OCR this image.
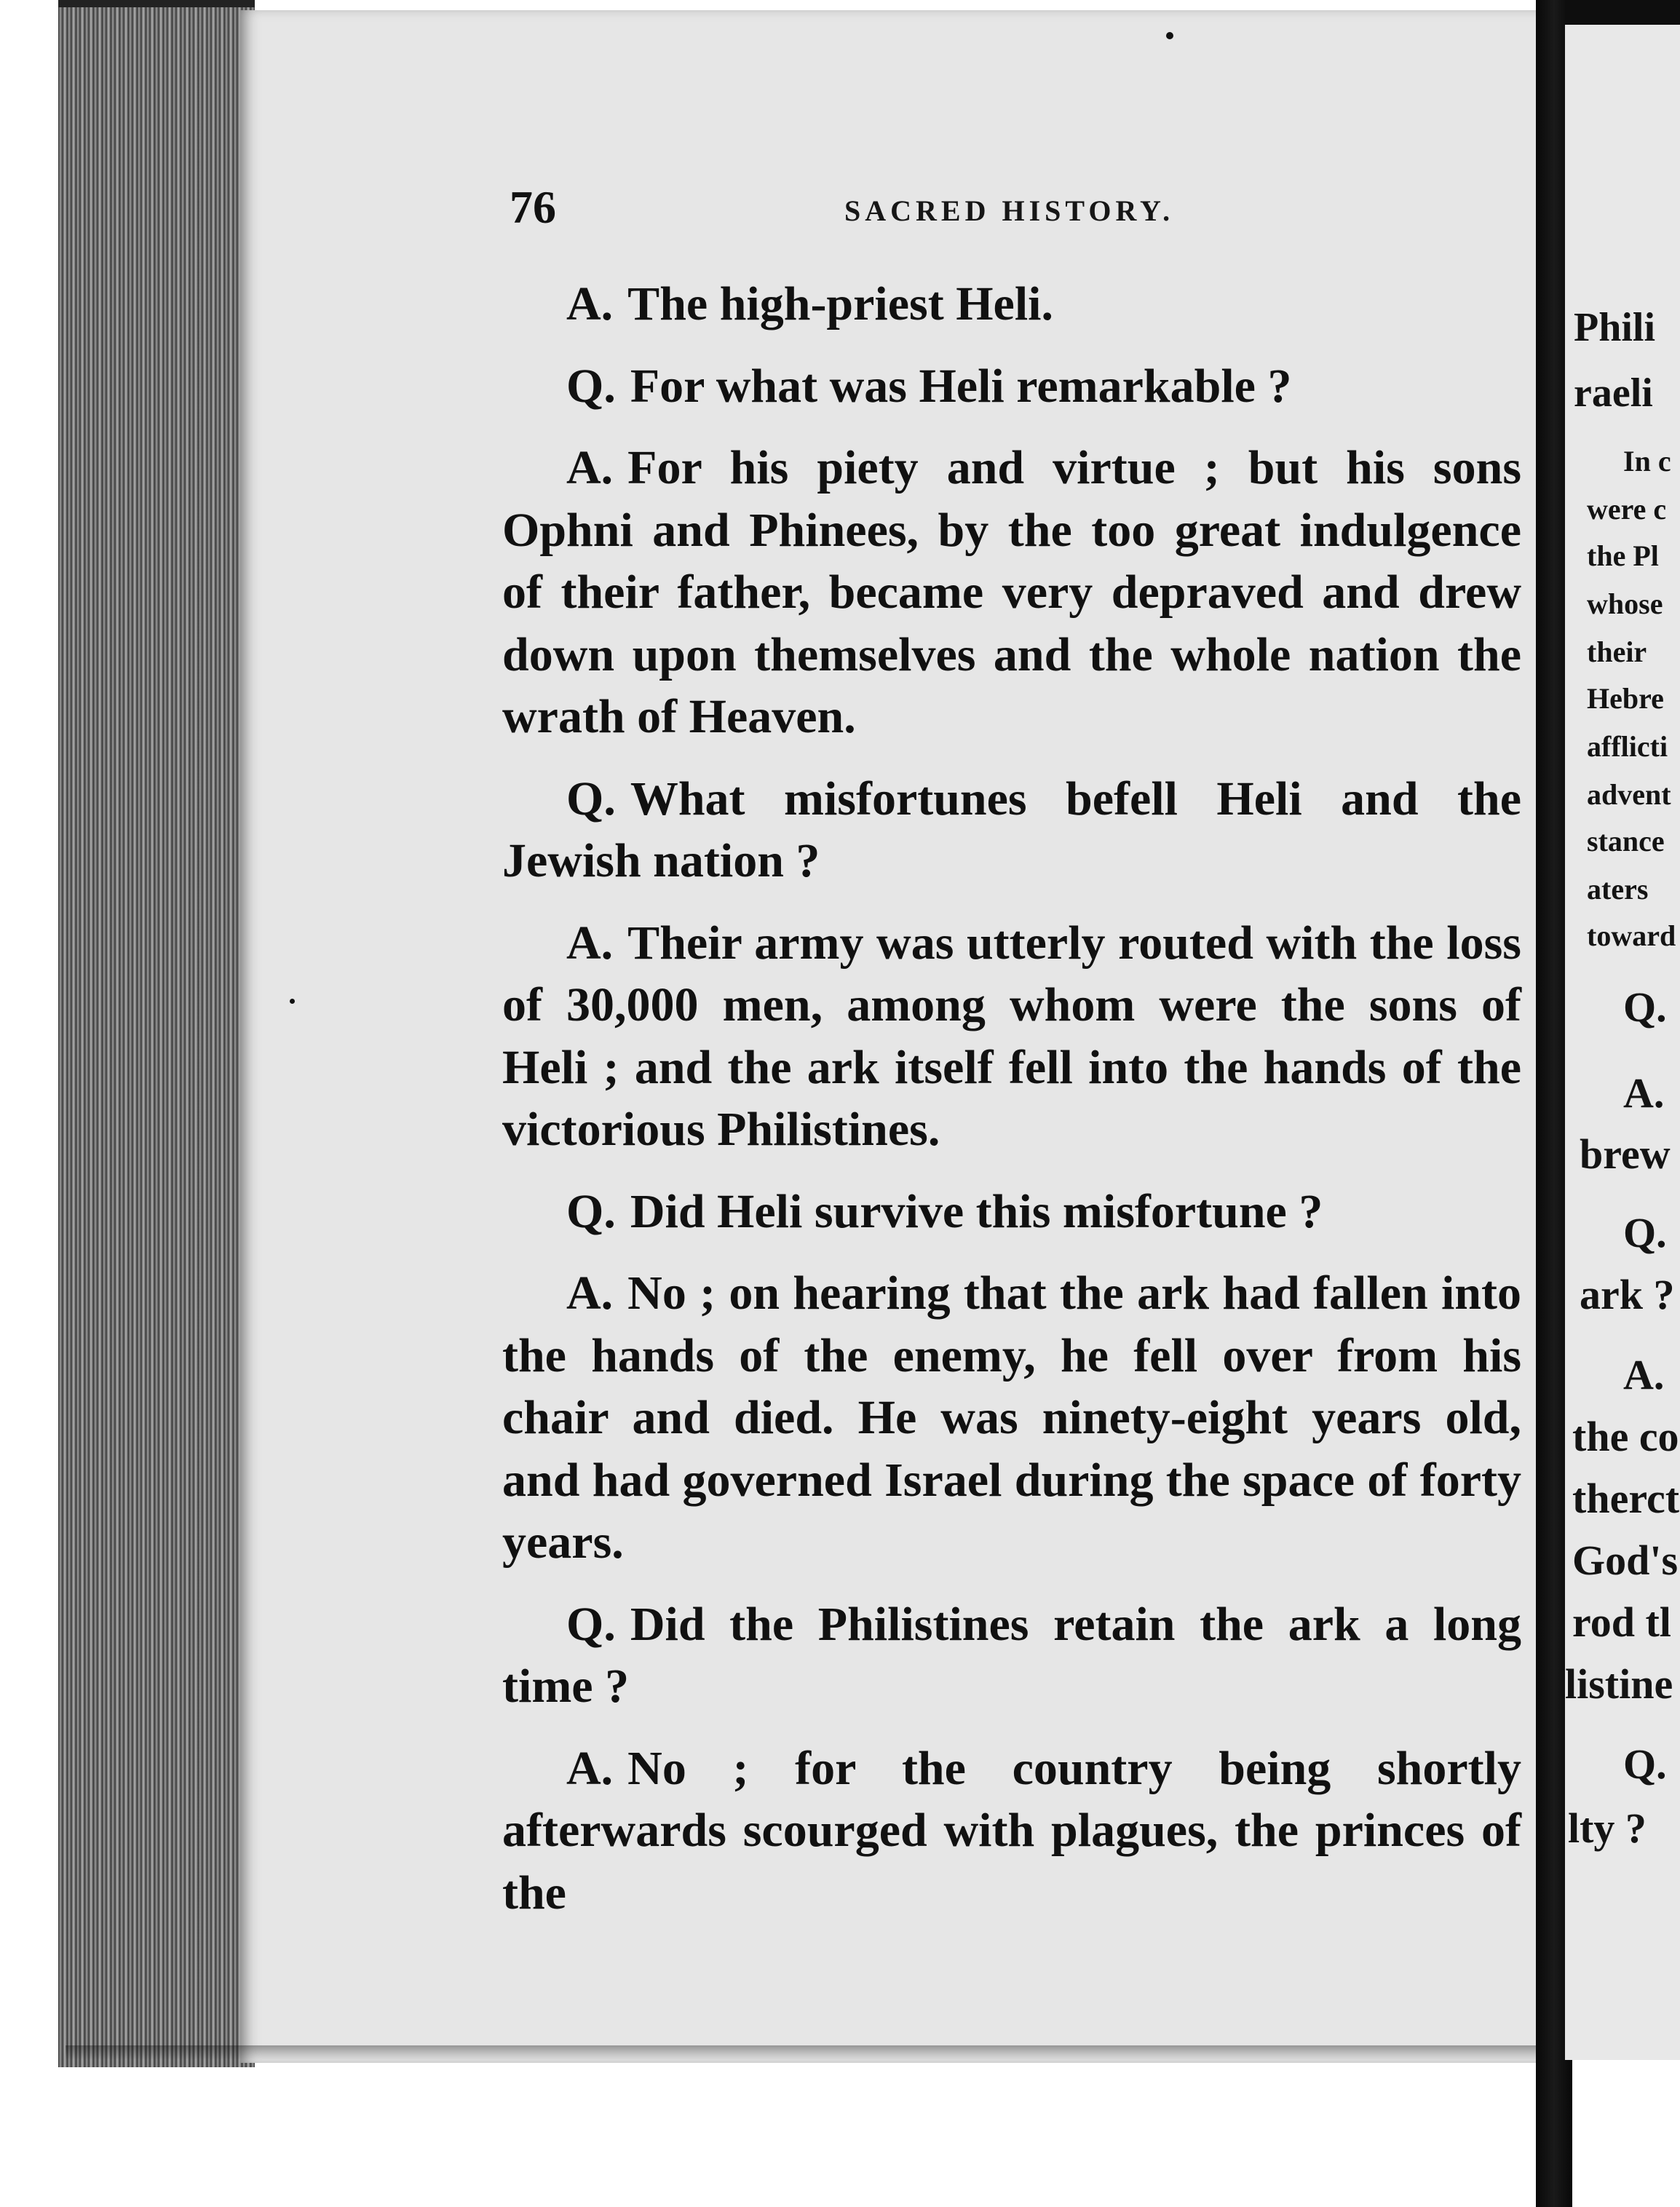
76	SACRED HISTORY.

A. The high-priest Heli.

Q. For what was Heli remarkable ?

A. For his piety and virtue ; but his sons Ophni and Phinees, by the too great indulgence of their father, became very depraved and drew down upon themselves and the whole nation the wrath of Heaven.

Q. What misfortunes befell Heli and the Jewish nation ?

A. Their army was utterly routed with the loss of 30,000 men, among whom were the sons of Heli ; and the ark itself fell into the hands of the victorious Philistines.

Q. Did Heli survive this misfortune ?

A. No ; on hearing that the ark had fallen into the hands of the enemy, he fell over from his chair and died. He was ninety-eight years old, and had governed Israel during the space of forty years.

Q. Did the Philistines retain the ark a long time ?

A. No ; for the country being shortly afterwards scourged with plagues, the princes of the

Phili
raeli
In c
were c
the Pl
whose
their
Hebre
afflicti
advent
stance
aters
toward
Q.
A.
brew
Q.
ark ?
A.
the co
therct
God's
rod tl
listine
Q.
lty ?
